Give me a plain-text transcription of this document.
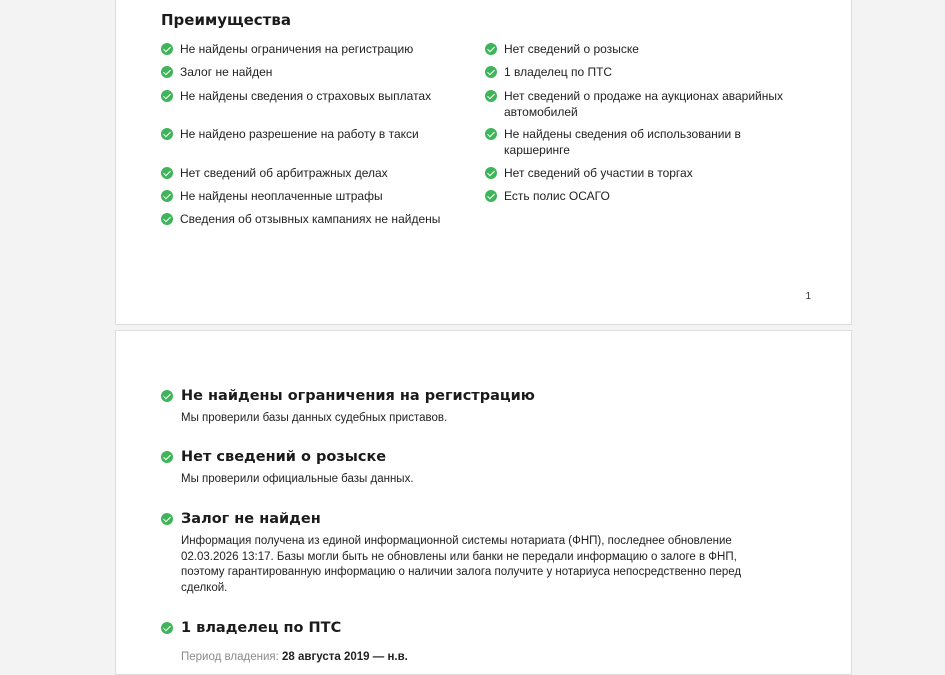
Преимущества
Не найдены ограничения на регистрацию
Залог не найден
Не найдены сведения о страховых выплатах
Не найдено разрешение на работу в такси
Нет сведений об арбитражных делах
Не найдены неоплаченные штрафы
Сведения об отзывных кампаниях не найдены
Нет сведений о розыске
1 владелец по ПТС
Нет сведений о продаже на аукционах аварийных автомобилей
Не найдены сведения об использовании в каршеринге
Нет сведений об участии в торгах
Есть полис ОСАГО
1
Не найдены ограничения на регистрацию
Мы проверили базы данных судебных приставов.
Нет сведений о розыске
Мы проверили официальные базы данных.
Залог не найден
Информация получена из единой информационной системы нотариата (ФНП), последнее обновление 02.03.2026 13:17. Базы могли быть не обновлены или банки не передали информацию о залоге в ФНП, поэтому гарантированную информацию о наличии залога получите у нотариуса непосредственно перед сделкой.
1 владелец по ПТС
Период владения: 28 августа 2019 — н.в.
